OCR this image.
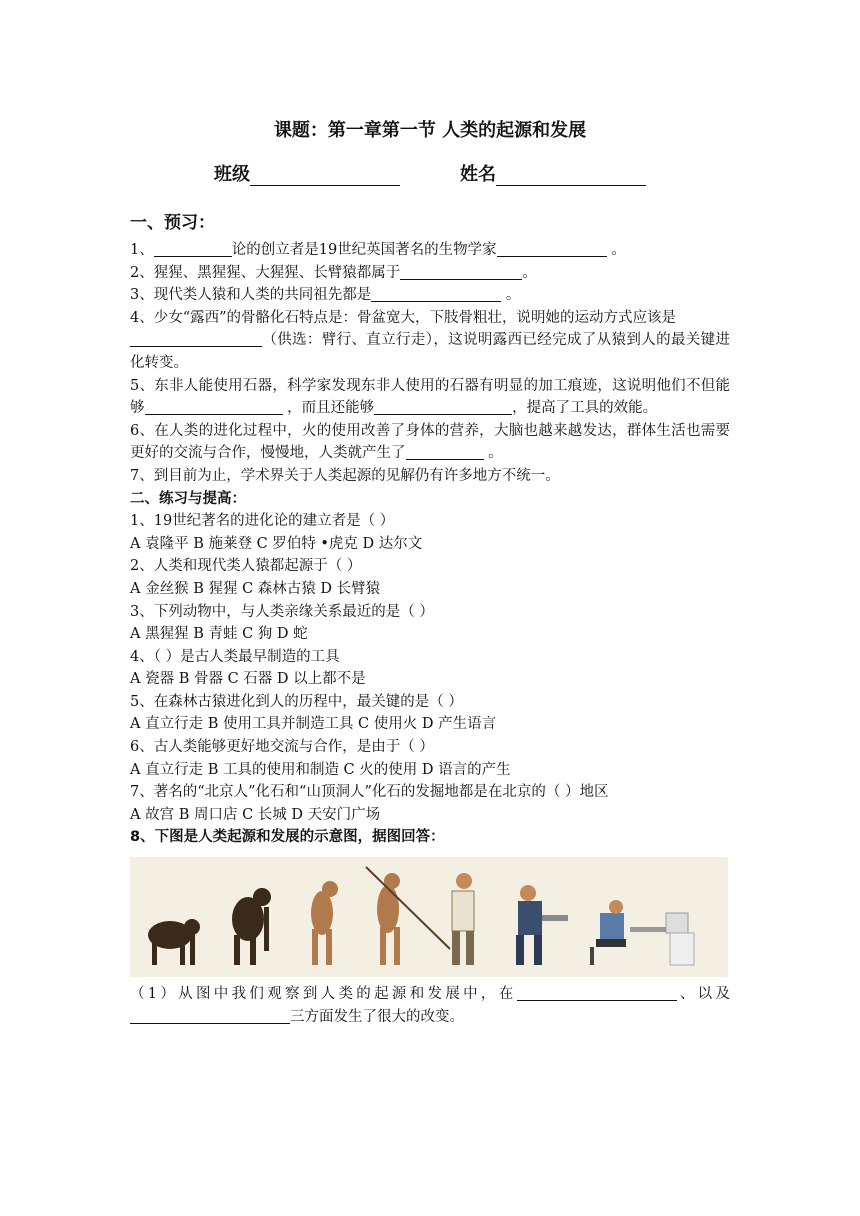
课题：第一章第一节 人类的起源和发展
班级	姓名
一、预习：

1、	论的创立者是19世纪英国著名的生物学家	。

2、猩猩、黑猩猩、大猩猩、长臂猿都属于	。

3、现代类人猿和人类的共同祖先都是	。

4、少女“露西”的骨骼化石特点是：骨盆宽大，下肢骨粗壮，说明她的运动方式应该是
（供选：臂行、直立行走），这说明露西已经完成了从猿到人的最关键进化转变。

5、东非人能使用石器，科学家发现东非人使用的石器有明显的加工痕迹，这说明他们不但能够	，而且还能够	，提高了工具的效能。

6、在人类的进化过程中，火的使用改善了身体的营养，大脑也越来越发达，群体生活也需要更好的交流与合作，慢慢地，人类就产生了	。

7、到目前为止，学术界关于人类起源的见解仍有许多地方不统一。

二、练习与提高：

1、19世纪著名的进化论的建立者是（ ）

A 袁隆平 B 施莱登 C 罗伯特 •虎克 D 达尔文

2、人类和现代类人猿都起源于（ ）

A 金丝猴 B 猩猩 C 森林古猿 D 长臂猿

3、下列动物中，与人类亲缘关系最近的是（ ）

A 黑猩猩 B 青蛙 C 狗 D 蛇

4、（ ）是古人类最早制造的工具

A 瓷器 B 骨器 C 石器 D 以上都不是

5、在森林古猿进化到人的历程中，最关键的是（ ）

A 直立行走 B 使用工具并制造工具 C 使用火 D 产生语言

6、古人类能够更好地交流与合作，是由于（ ）

A 直立行走 B 工具的使用和制造 C 火的使用 D 语言的产生

7、著名的“北京人”化石和“山顶洞人”化石的发掘地都是在北京的（ ）地区

A 故宫 B 周口店 C 长城 D 天安门广场

8、下图是人类起源和发展的示意图，据图回答：

（1）从图中我们观察到人类的起源和发展中，在	、以及三方面发生了很大的改变。
